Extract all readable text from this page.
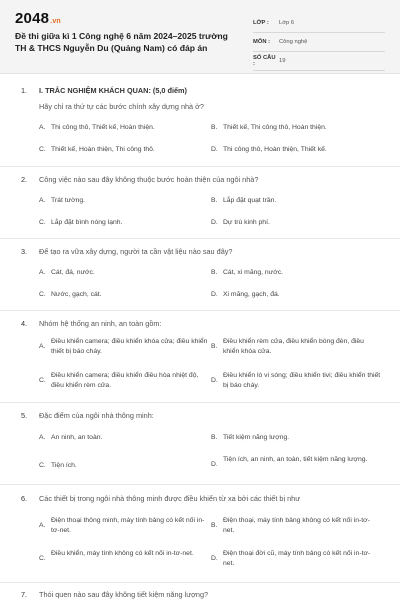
2048.vn
Đề thi giữa kì 1 Công nghệ 6 năm 2024–2025 trường TH & THCS Nguyễn Du (Quảng Nam) có đáp án
LỚP :	Lớp 6
MÔN :	Công nghệ
SỐ CÂU :	19
1. I. TRẮC NGHIỆM KHÁCH QUAN: (5,0 điểm)
Hãy chỉ ra thứ tự các bước chính xây dựng nhà ở?
A. Thi công thô, Thiết kế, Hoàn thiện.	B. Thiết kế, Thi công thô, Hoàn thiện.
C. Thiết kế, Hoàn thiện, Thi công thô.	D. Thi công thô, Hoàn thiện, Thiết kế.
2. Công việc nào sau đây không thuộc bước hoàn thiện của ngôi nhà?
A. Trát tường.	B. Lắp đặt quạt trần.
C. Lắp đặt bình nóng lạnh.	D. Dự trù kinh phí.
3. Để tạo ra vữa xây dựng, người ta cần vật liệu nào sau đây?
A. Cát, đá, nước.	B. Cát, xi măng, nước.
C. Nước, gạch, cát.	D. Xi măng, gạch, đá.
4. Nhóm hệ thống an ninh, an toàn gồm:
A.
Điều khiển camera; điều khiển khóa cửa; điều khiển thiết bị báo cháy.
B.
Điều khiển rèm cửa, điều khiển bóng đèn, điều khiển khóa cửa.
C.
Điều khiển camera; điều khiển điều hòa nhiệt độ, điều khiển rèm cửa.
D.
Điều khiển lò vi sóng; điều khiển tivi; điều khiển thiết bị báo cháy.
5. Đặc điểm của ngôi nhà thông minh:
A. An ninh, an toàn.	B. Tiết kiệm năng lượng.
C. Tiện ích.	D.
Tiện ích, an ninh, an toàn, tiết kiệm năng lượng.
6. Các thiết bị trong ngôi nhà thông minh được điều khiển từ xa bởi các thiết bị như
A.
Điện thoại thông minh, máy tính bảng có kết nối in-tơ-net.
B.
Điện thoại, máy tính bảng không có kết nối in-tơ-net.
C.
Điều khiển, máy tính không có kết nối in-tơ-net.
D.
Điện thoại đời cũ, máy tính bảng có kết nối in-tơ-net.
7. Thói quen nào sau đây không tiết kiệm năng lượng?
